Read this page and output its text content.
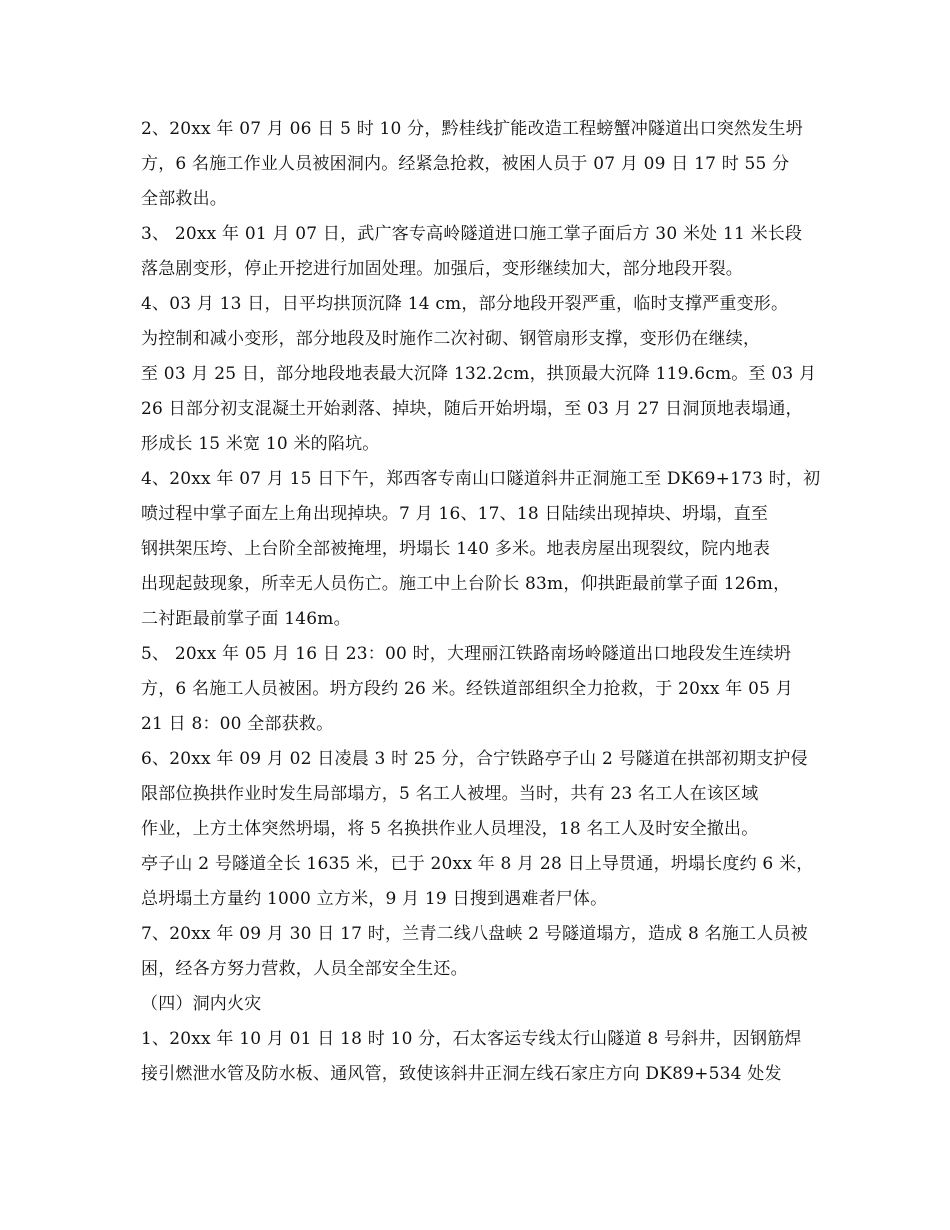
2、20xx 年 07 月 06 日 5 时 10 分，黔桂线扩能改造工程螃蟹冲隧道出口突然发生坍
方，6 名施工作业人员被困洞内。经紧急抢救，被困人员于 07 月 09 日 17 时 55 分
全部救出。
3、 20xx 年 01 月 07 日，武广客专高岭隧道进口施工掌子面后方 30 米处 11 米长段
落急剧变形，停止开挖进行加固处理。加强后，变形继续加大，部分地段开裂。
4、03 月 13 日，日平均拱顶沉降 14 cm，部分地段开裂严重，临时支撑严重变形。
为控制和减小变形，部分地段及时施作二次衬砌、钢管扇形支撑，变形仍在继续，
至 03 月 25 日，部分地段地表最大沉降 132.2cm，拱顶最大沉降 119.6cm。至 03 月
26 日部分初支混凝土开始剥落、掉块，随后开始坍塌，至 03 月 27 日洞顶地表塌通，
形成长 15 米宽 10 米的陷坑。
4、20xx 年 07 月 15 日下午，郑西客专南山口隧道斜井正洞施工至 DK69+173 时，初
喷过程中掌子面左上角出现掉块。7 月 16、17、18 日陆续出现掉块、坍塌，直至
钢拱架压垮、上台阶全部被掩埋，坍塌长 140 多米。地表房屋出现裂纹，院内地表
出现起鼓现象，所幸无人员伤亡。施工中上台阶长 83m，仰拱距最前掌子面 126m，
二衬距最前掌子面 146m。
5、 20xx 年 05 月 16 日 23：00 时，大理丽江铁路南场岭隧道出口地段发生连续坍
方，6 名施工人员被困。坍方段约 26 米。经铁道部组织全力抢救，于 20xx 年 05 月
21 日 8：00 全部获救。
6、20xx 年 09 月 02 日凌晨 3 时 25 分，合宁铁路亭子山 2 号隧道在拱部初期支护侵
限部位换拱作业时发生局部塌方，5 名工人被埋。当时，共有 23 名工人在该区域
作业，上方土体突然坍塌，将 5 名换拱作业人员埋没，18 名工人及时安全撤出。
亭子山 2 号隧道全长 1635 米，已于 20xx 年 8 月 28 日上导贯通，坍塌长度约 6 米，
总坍塌土方量约 1000 立方米，9 月 19 日搜到遇难者尸体。
7、20xx 年 09 月 30 日 17 时，兰青二线八盘峡 2 号隧道塌方，造成 8 名施工人员被
困，经各方努力营救，人员全部安全生还。
（四）洞内火灾
1、20xx 年 10 月 01 日 18 时 10 分，石太客运专线太行山隧道 8 号斜井，因钢筋焊
接引燃泄水管及防水板、通风管，致使该斜井正洞左线石家庄方向 DK89+534 处发
